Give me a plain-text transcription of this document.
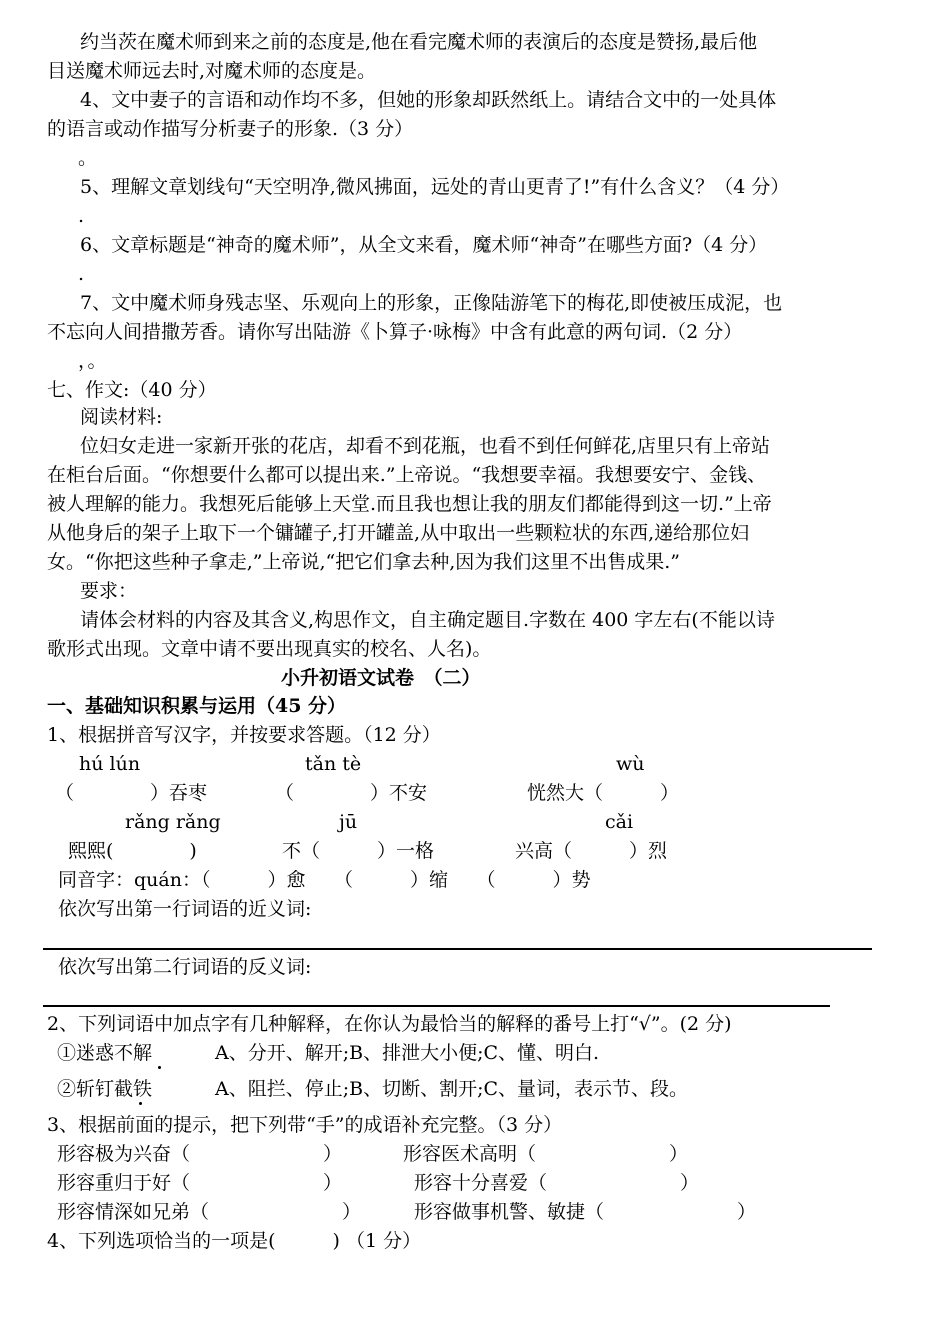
约当茨在魔术师到来之前的态度是,他在看完魔术师的表演后的态度是赞扬,最后他
目送魔术师远去时,对魔术师的态度是。
4、文中妻子的言语和动作均不多，但她的形象却跃然纸上。请结合文中的一处具体
的语言或动作描写分析妻子的形象.（3 分）
。
5、理解文章划线句“天空明净,微风拂面，远处的青山更青了!”有什么含义？（4 分）
.
6、文章标题是“神奇的魔术师”，从全文来看，魔术师“神奇”在哪些方面?（4 分）
.
7、文中魔术师身残志坚、乐观向上的形象，正像陆游笔下的梅花,即使被压成泥，也
不忘向人间措撒芳香。请你写出陆游《卜算子·咏梅》中含有此意的两句词.（2 分）
，。
七、作文:（40 分）
阅读材料:
位妇女走进一家新开张的花店，却看不到花瓶，也看不到任何鲜花,店里只有上帝站
在柜台后面。“你想要什么都可以提出来.”上帝说。“我想要幸福。我想要安宁、金钱、
被人理解的能力。我想死后能够上天堂.而且我也想让我的朋友们都能得到这一切.”上帝
从他身后的架子上取下一个镛罐子,打开罐盖,从中取出一些颗粒状的东西,递给那位妇
女。“你把这些种子拿走,”上帝说,“把它们拿去种,因为我们这里不出售成果.”
要求：
请体会材料的内容及其含义,构思作文，自主确定题目.字数在 400 字左右(不能以诗
歌形式出现。文章中请不要出现真实的校名、人名)。
小升初语文试卷　（二）
一、基础知识积累与运用（45 分）
1、根据拼音写汉字，并按要求答题。（12 分）
hú lún	tǎn tè	wù
（　　　　）吞枣	（　　　　）不安	恍然大（　　　）
rǎng rǎng	jū	cǎi
熙熙(　　　　)	不（　　　）一格	兴高（　　　）烈
同音字：quán：（　　　）愈　　（　　　）缩　　（　　　）势
依次写出第一行词语的近义词:
依次写出第二行词语的反义词:
2、下列词语中加点字有几种解释，在你认为最恰当的解释的番号上打“√”。(2 分)
①迷惑不解	A、分开、解开;B、排泄大小便;C、懂、明白.
②斩钉截铁	A、阻拦、停止;B、切断、割开;C、量词，表示节、段。
3、根据前面的提示，把下列带“手”的成语补充完整。（3 分）
形容极为兴奋（　　　　　　　）	形容医术高明（　　　　　　　）
形容重归于好（　　　　　　　）	形容十分喜爱（　　　　　　　）
形容情深如兄弟（　　　　　　　）	形容做事机警、敏捷（　　　　　　　）
4、下列选项恰当的一项是(　　　) （1 分）
